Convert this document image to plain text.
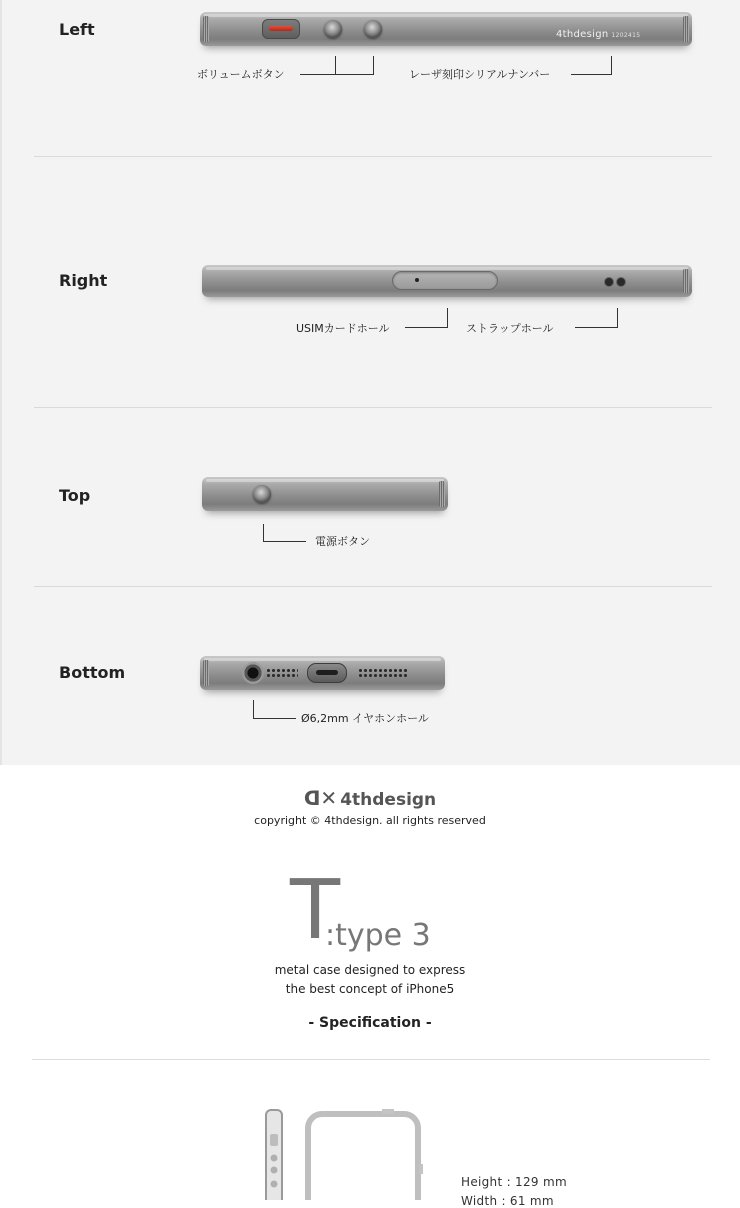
Left	4thdesign 1202415
ボリュームボタン	レーザ刻印シリアルナンバー
Right
USIMカードホール	ストラップホール
Top
電源ボタン
Bottom
Ø6,2mm イヤホンホール
ᗡ✕ 4thdesign
copyright © 4thdesign. all rights reserved
T
:type 3
metal case designed to express
the best concept of iPhone5
- Specification -
Height : 129 mm
Width : 61 mm
